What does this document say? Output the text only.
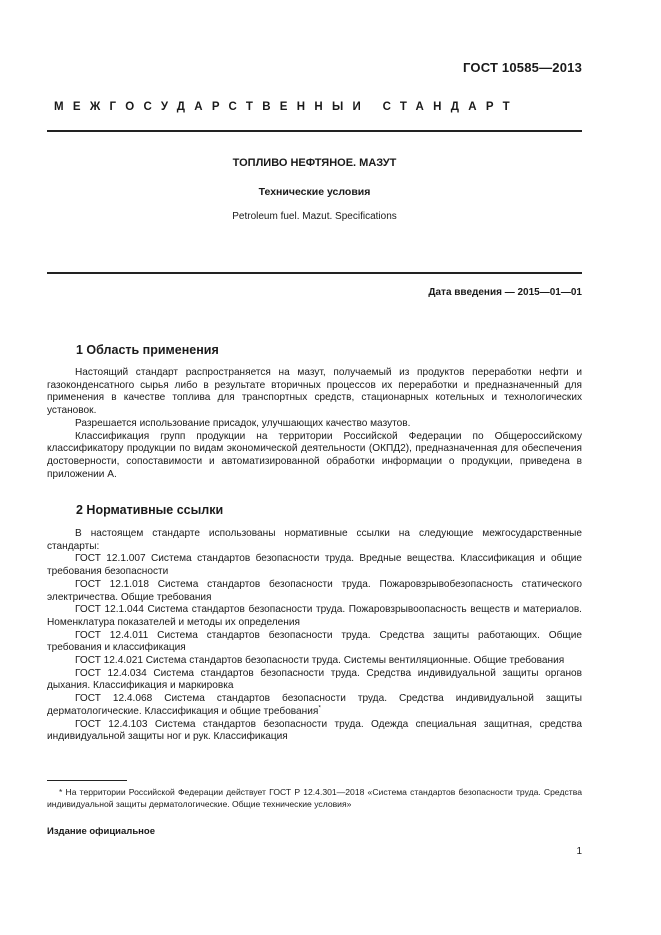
ГОСТ 10585—2013
МЕЖГОСУДАРСТВЕННЫЙ СТАНДАРТ
ТОПЛИВО НЕФТЯНОЕ. МАЗУТ
Технические условия
Petroleum fuel. Mazut. Specifications
Дата введения — 2015—01—01
1 Область применения

Настоящий стандарт распространяется на мазут, получаемый из продуктов переработки нефти и газоконденсатного сырья либо в результате вторичных процессов их переработки и предназначенный для применения в качестве топлива для транспортных средств, стационарных котельных и технологических установок.

Разрешается использование присадок, улучшающих качество мазутов.

Классификация групп продукции на территории Российской Федерации по Общероссийскому классификатору продукции по видам экономической деятельности (ОКПД2), предназначенная для обеспечения достоверности, сопоставимости и автоматизированной обработки информации о продукции, приведена в приложении А.

2 Нормативные ссылки

В настоящем стандарте использованы нормативные ссылки на следующие межгосударственные стандарты:

ГОСТ 12.1.007 Система стандартов безопасности труда. Вредные вещества. Классификация и общие требования безопасности

ГОСТ 12.1.018 Система стандартов безопасности труда. Пожаровзрывобезопасность статического электричества. Общие требования

ГОСТ 12.1.044 Система стандартов безопасности труда. Пожаровзрывоопасность веществ и материалов. Номенклатура показателей и методы их определения

ГОСТ 12.4.011 Система стандартов безопасности труда. Средства защиты работающих. Общие требования и классификация

ГОСТ 12.4.021 Система стандартов безопасности труда. Системы вентиляционные. Общие требования

ГОСТ 12.4.034 Система стандартов безопасности труда. Средства индивидуальной защиты органов дыхания. Классификация и маркировка

ГОСТ 12.4.068 Система стандартов безопасности труда. Средства индивидуальной защиты дерматологические. Классификация и общие требования*

ГОСТ 12.4.103 Система стандартов безопасности труда. Одежда специальная защитная, средства индивидуальной защиты ног и рук. Классификация

* На территории Российской Федерации действует ГОСТ Р 12.4.301—2018 «Система стандартов безопасности труда. Средства индивидуальной защиты дерматологические. Общие технические условия»

Издание официальное
1
